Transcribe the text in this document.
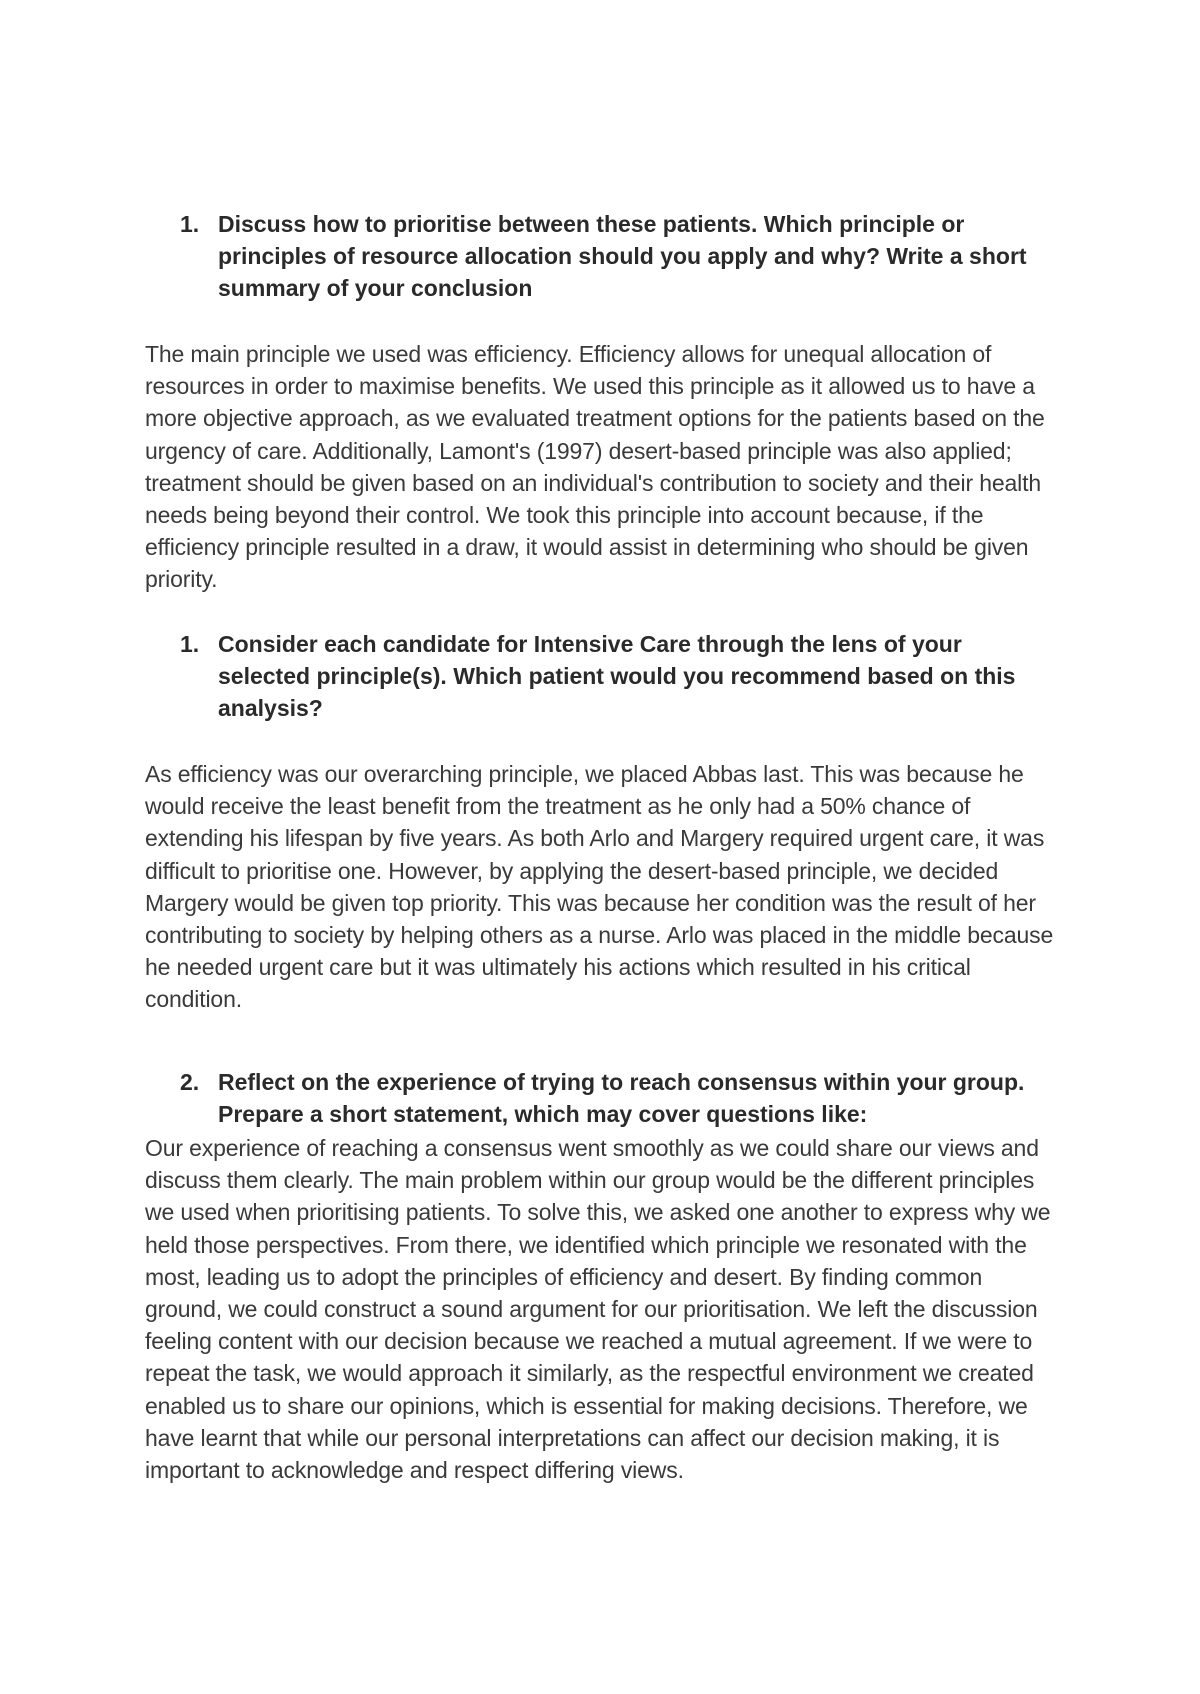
1. Discuss how to prioritise between these patients. Which principle or principles of resource allocation should you apply and why? Write a short summary of your conclusion
The main principle we used was efficiency. Efficiency allows for unequal allocation of resources in order to maximise benefits. We used this principle as it allowed us to have a more objective approach, as we evaluated treatment options for the patients based on the urgency of care. Additionally, Lamont's (1997) desert-based principle was also applied; treatment should be given based on an individual's contribution to society and their health needs being beyond their control. We took this principle into account because, if the efficiency principle resulted in a draw, it would assist in determining who should be given priority.
1. Consider each candidate for Intensive Care through the lens of your selected principle(s). Which patient would you recommend based on this analysis?
As efficiency was our overarching principle, we placed Abbas last. This was because he would receive the least benefit from the treatment as he only had a 50% chance of extending his lifespan by five years. As both Arlo and Margery required urgent care, it was difficult to prioritise one. However, by applying the desert-based principle, we decided Margery would be given top priority. This was because her condition was the result of her contributing to society by helping others as a nurse. Arlo was placed in the middle because he needed urgent care but it was ultimately his actions which resulted in his critical condition.
2. Reflect on the experience of trying to reach consensus within your group. Prepare a short statement, which may cover questions like:
Our experience of reaching a consensus went smoothly as we could share our views and discuss them clearly. The main problem within our group would be the different principles we used when prioritising patients. To solve this, we asked one another to express why we held those perspectives. From there, we identified which principle we resonated with the most, leading us to adopt the principles of efficiency and desert. By finding common ground, we could construct a sound argument for our prioritisation. We left the discussion feeling content with our decision because we reached a mutual agreement. If we were to repeat the task, we would approach it similarly, as the respectful environment we created enabled us to share our opinions, which is essential for making decisions. Therefore, we have learnt that while our personal interpretations can affect our decision making, it is important to acknowledge and respect differing views.
